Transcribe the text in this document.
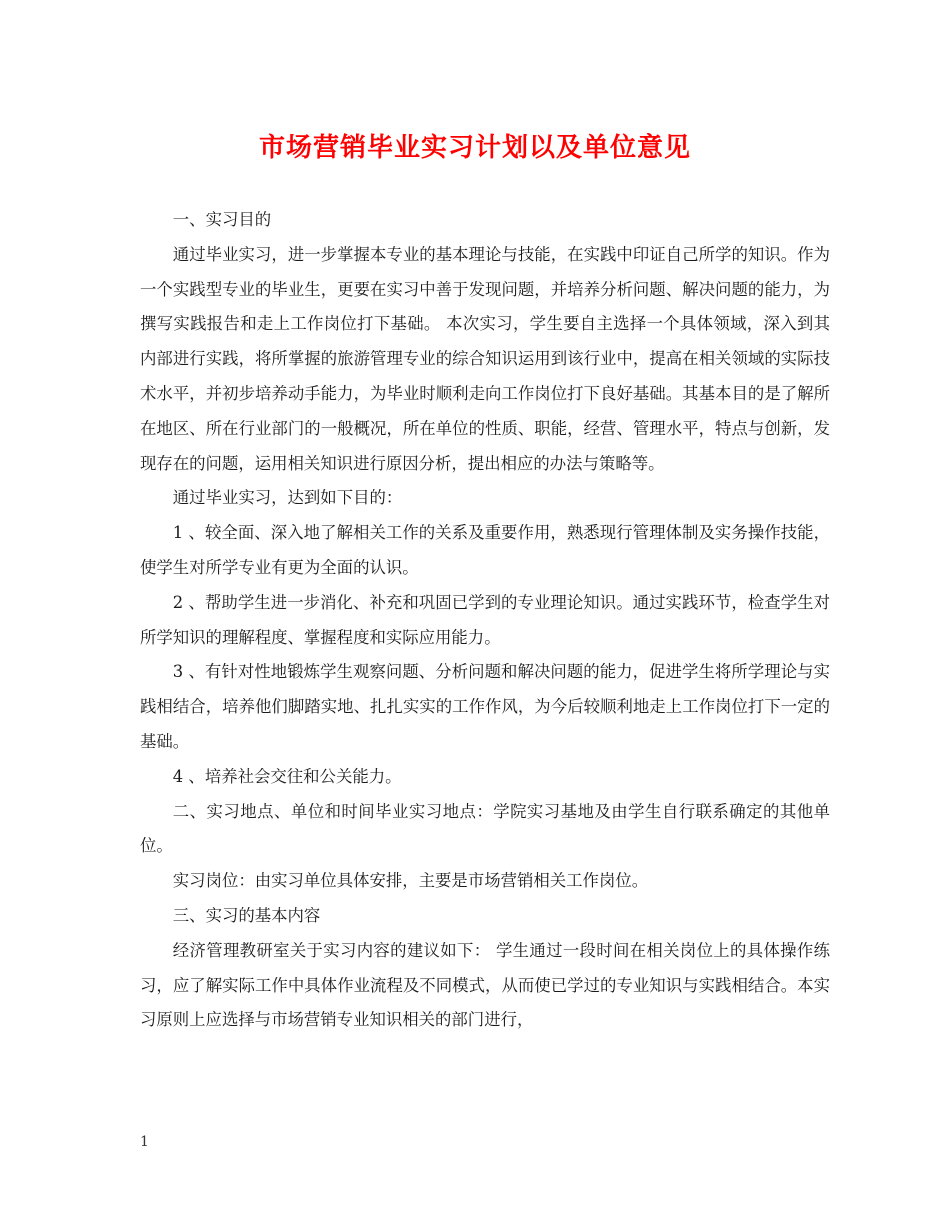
市场营销毕业实习计划以及单位意见

一、实习目的

通过毕业实习，进一步掌握本专业的基本理论与技能，在实践中印证自己所学的知识。作为一个实践型专业的毕业生，更要在实习中善于发现问题，并培养分析问题、解决问题的能力，为撰写实践报告和走上工作岗位打下基础。 本次实习，学生要自主选择一个具体领域，深入到其内部进行实践，将所掌握的旅游管理专业的综合知识运用到该行业中，提高在相关领域的实际技术水平，并初步培养动手能力，为毕业时顺利走向工作岗位打下良好基础。其基本目的是了解所在地区、所在行业部门的一般概况，所在单位的性质、职能，经营、管理水平，特点与创新，发现存在的问题，运用相关知识进行原因分析，提出相应的办法与策略等。

通过毕业实习，达到如下目的：

1 、较全面、深入地了解相关工作的关系及重要作用，熟悉现行管理体制及实务操作技能，使学生对所学专业有更为全面的认识。

2 、帮助学生进一步消化、补充和巩固已学到的专业理论知识。通过实践环节，检查学生对所学知识的理解程度、掌握程度和实际应用能力。

3 、有针对性地锻炼学生观察问题、分析问题和解决问题的能力，促进学生将所学理论与实践相结合，培养他们脚踏实地、扎扎实实的工作作风，为今后较顺利地走上工作岗位打下一定的基础。

4 、培养社会交往和公关能力。

二、实习地点、单位和时间毕业实习地点：学院实习基地及由学生自行联系确定的其他单位。

实习岗位：由实习单位具体安排，主要是市场营销相关工作岗位。

三、实习的基本内容

经济管理教研室关于实习内容的建议如下： 学生通过一段时间在相关岗位上的具体操作练习，应了解实际工作中具体作业流程及不同模式，从而使已学过的专业知识与实践相结合。本实习原则上应选择与市场营销专业知识相关的部门进行，

1
